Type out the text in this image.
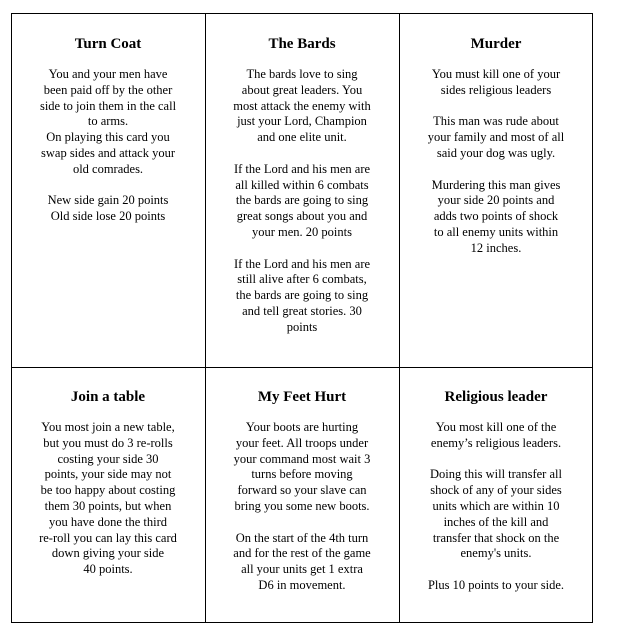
Turn Coat
You and your men have
been paid off by the other
side to join them in the call
to arms.
On playing this card you
swap sides and attack your
old comrades.
New side gain 20 points
Old side lose 20 points
The Bards
The bards love to sing
about great leaders. You
most attack the enemy with
just your Lord, Champion
and one elite unit.
If the Lord and his men are
all killed within 6 combats
the bards are going to sing
great songs about you and
your men. 20 points
If the Lord and his men are
still alive after 6 combats,
the bards are going to sing
and tell great stories. 30
points
Murder
You must kill one of your
sides religious leaders
This man was rude about
your family and most of all
said your dog was ugly.
Murdering this man gives
your side 20 points and
adds two points of shock
to all enemy units within
12 inches.
Join a table
You most join a new table,
but you must do 3 re-rolls
costing your side 30
points, your side may not
be too happy about costing
them 30 points, but when
you have done the third
re-roll you can lay this card
down giving your side
40 points.
My Feet Hurt
Your boots are hurting
your feet. All troops under
your command most wait 3
turns before moving
forward so your slave can
bring you some new boots.
On the start of the 4th turn
and for the rest of the game
all your units get 1 extra
D6 in movement.
Religious leader
You most kill one of the
enemy’s religious leaders.
Doing this will transfer all
shock of any of your sides
units which are within 10
inches of the kill and
transfer that shock on the
enemy's units.
Plus 10 points to your side.
